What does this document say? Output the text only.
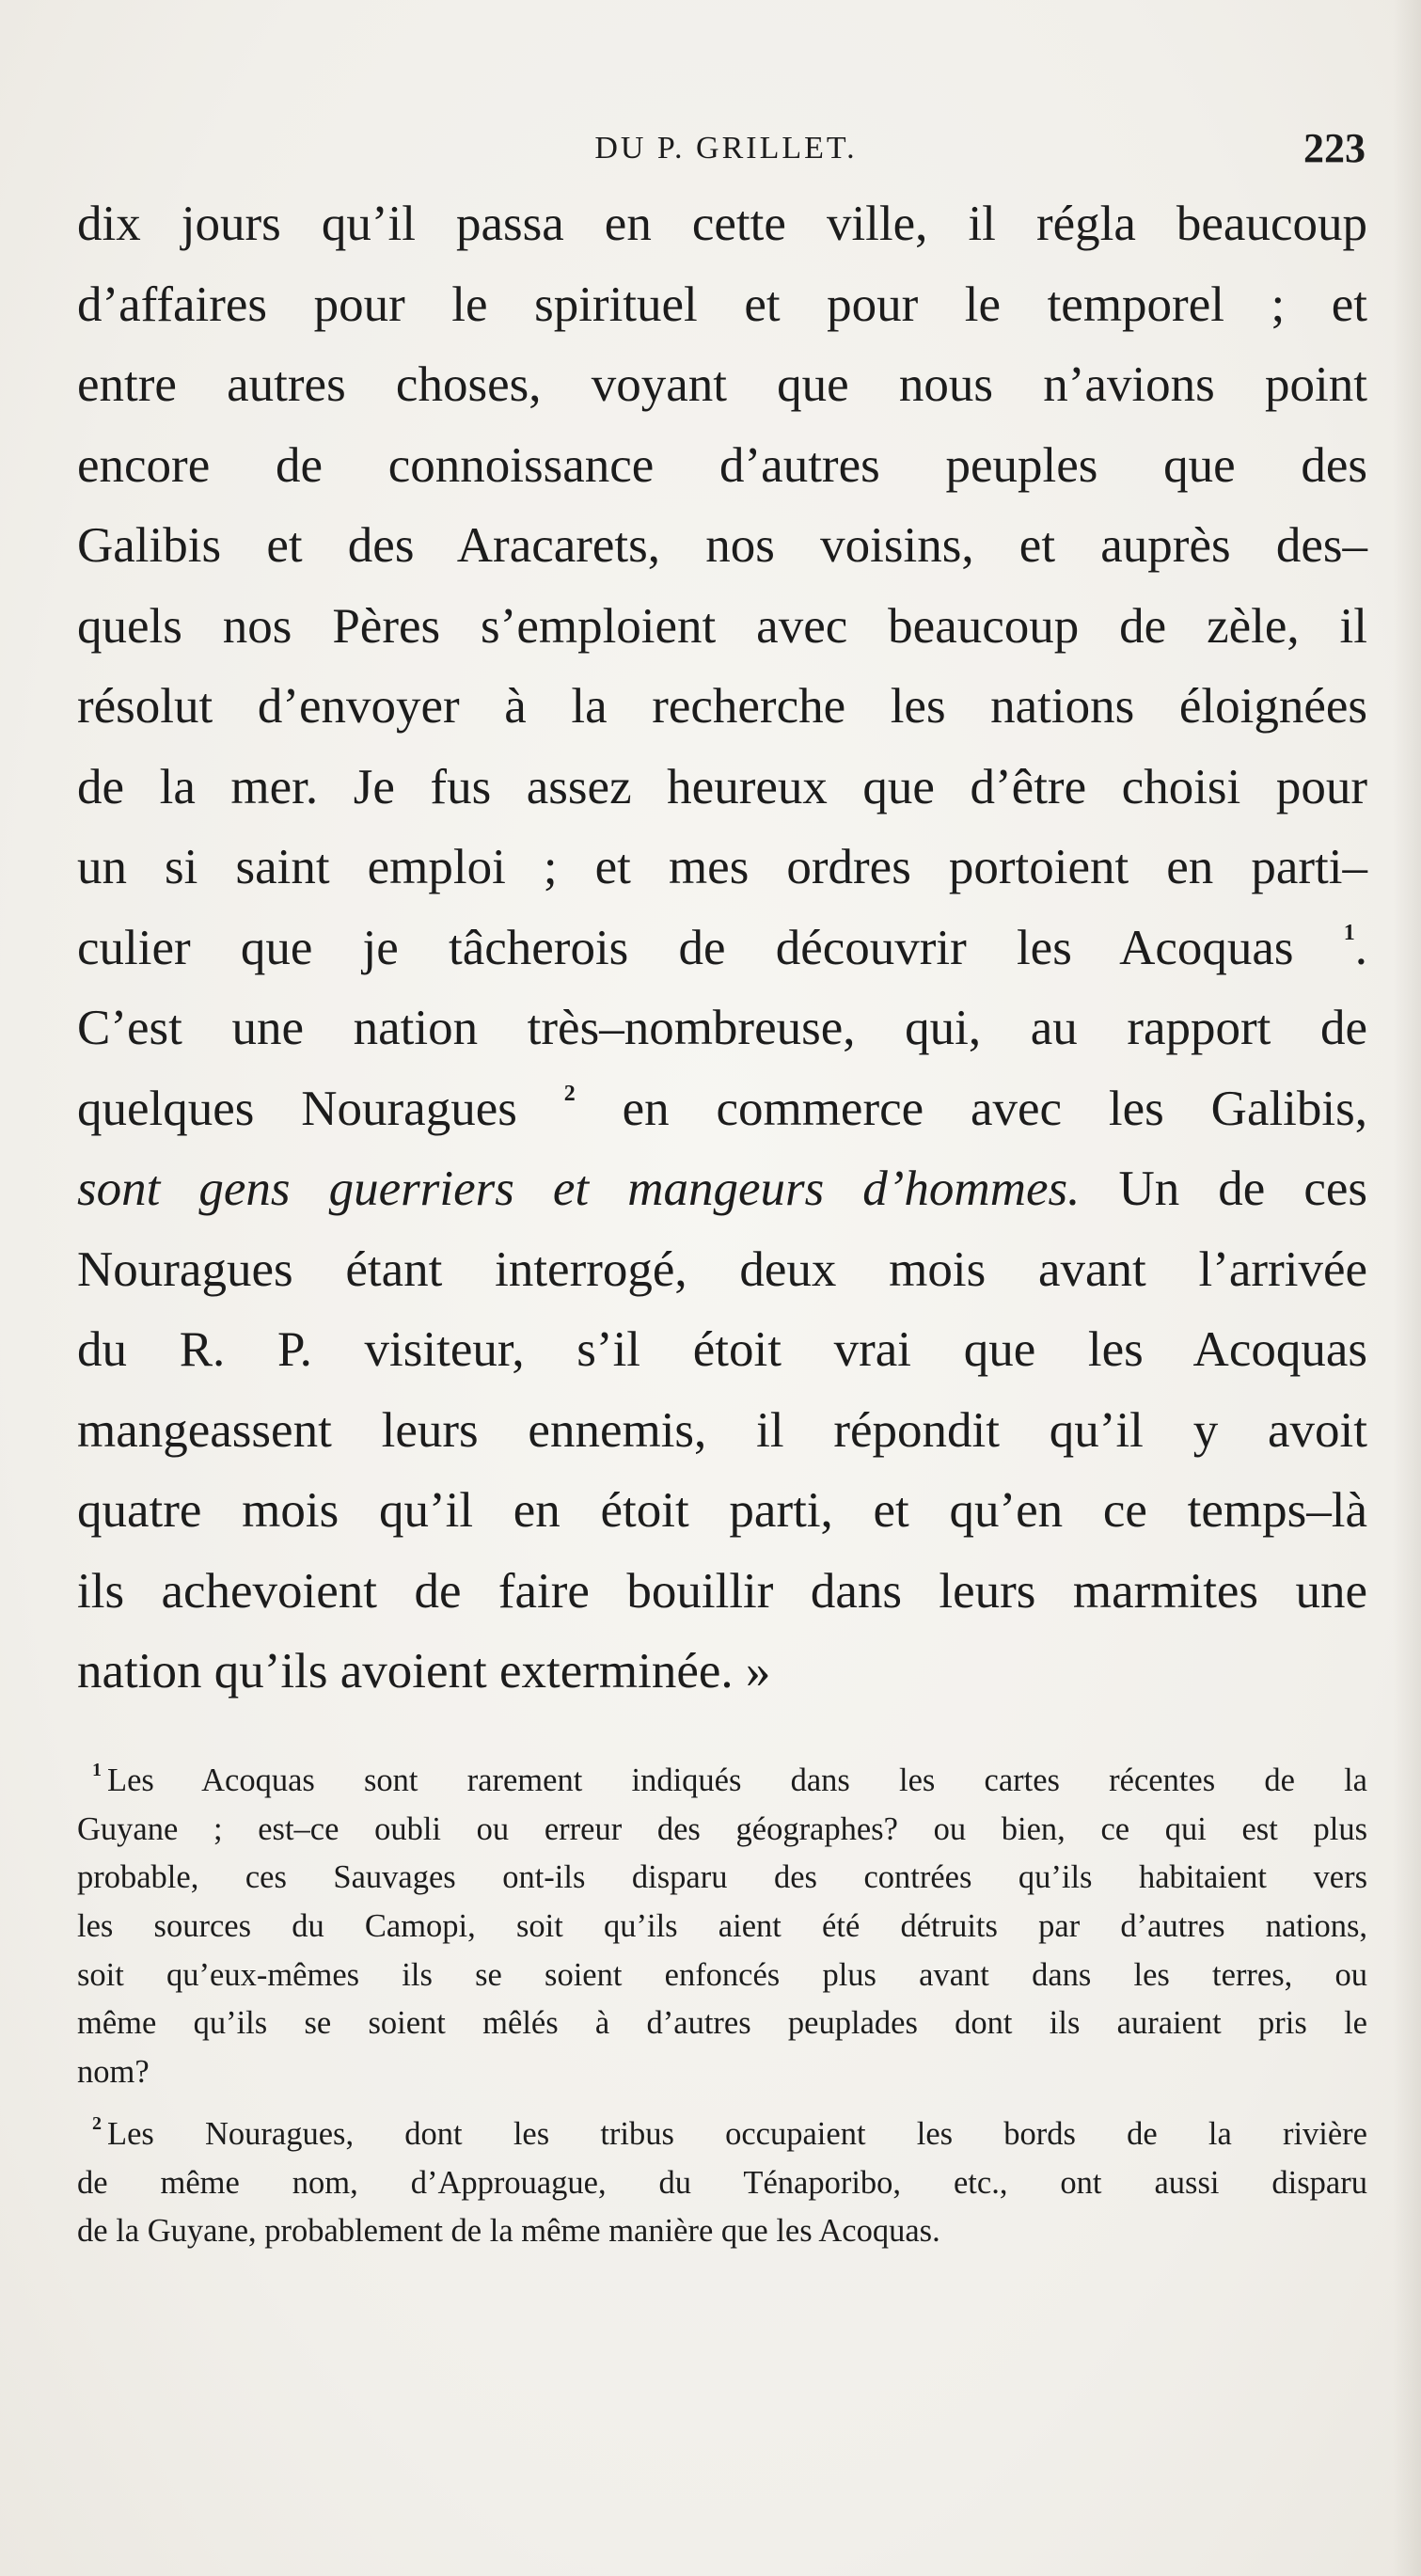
DU P. GRILLET.	223
dix jours qu’il passa en cette ville, il régla beaucoup
d’affaires pour le spirituel et pour le temporel ; et
entre autres choses, voyant que nous n’avions point
encore de connoissance d’autres peuples que des
Galibis et des Aracarets, nos voisins, et auprès des–
quels nos Pères s’emploient avec beaucoup de zèle, il
résolut d’envoyer à la recherche les nations éloignées
de la mer. Je fus assez heureux que d’être choisi pour
un si saint emploi ; et mes ordres portoient en parti–
culier que je tâcherois de découvrir les Acoquas $^1$.
C’est une nation très–nombreuse, qui, au rapport de
quelques Nouragues $^2$ en commerce avec les Galibis,
sont gens guerriers et mangeurs d’hommes. Un de ces
Nouragues étant interrogé, deux mois avant l’arrivée
du R. P. visiteur, s’il étoit vrai que les Acoquas
mangeassent leurs ennemis, il répondit qu’il y avoit
quatre mois qu’il en étoit parti, et qu’en ce temps–là
ils achevoient de faire bouillir dans leurs marmites une
nation qu’ils avoient exterminée. »
$^1$ Les Acoquas sont rarement indiqués dans les cartes récentes de la
Guyane ; est–ce oubli ou erreur des géographes? ou bien, ce qui est plus
probable, ces Sauvages ont-ils disparu des contrées qu’ils habitaient vers
les sources du Camopi, soit qu’ils aient été détruits par d’autres nations,
soit qu’eux-mêmes ils se soient enfoncés plus avant dans les terres, ou
même qu’ils se soient mêlés à d’autres peuplades dont ils auraient pris le
nom?
$^2$ Les Nouragues, dont les tribus occupaient les bords de la rivière
de même nom, d’Approuague, du Ténaporibo, etc., ont aussi disparu
de la Guyane, probablement de la même manière que les Acoquas.
